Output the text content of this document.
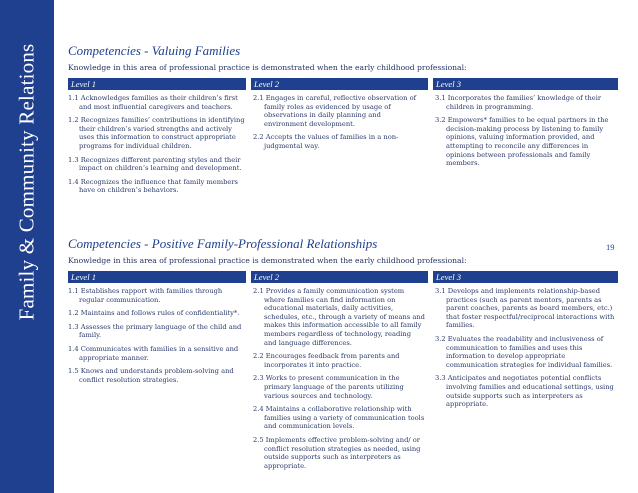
Family & Community Relations	19
Competencies - Valuing Families
Knowledge in this area of professional practice is demonstrated when the early childhood professional:
Level 1	Level 2	Level 3
1.1 Acknowledges families as their children’s first and most influential caregivers and teachers.
1.2 Recognizes families’ contributions in identifying their children’s varied strengths and actively uses this information to construct appropriate programs for individual children.
1.3 Recognizes different parenting styles and their impact on children’s learning and development.
1.4 Recognizes the influence that family members have on children’s behaviors.
2.1 Engages in careful, reflective observation of family roles as evidenced by usage of observations in daily planning and environment development.
2.2 Accepts the values of families in a non-judgmental way.
3.1 Incorporates the families’ knowledge of their children in programming.
3.2 Empowers* families to be equal partners in the decision-making process by listening to family opinions, valuing information provided, and attempting to reconcile any differences in opinions between professionals and family members.
Competencies - Positive Family-Professional Relationships
Knowledge in this area of professional practice is demonstrated when the early childhood professional:
Level 1	Level 2	Level 3
1.1 Establishes rapport with families through regular communication.
1.2 Maintains and follows rules of confidentiality*.
1.3 Assesses the primary language of the child and family.
1.4 Communicates with families in a sensitive and appropriate manner.
1.5 Knows and understands problem-solving and conflict resolution strategies.
2.1 Provides a family communication system where families can find information on educational materials, daily activities, schedules, etc., through a variety of means and makes this information accessible to all family members regardless of technology, reading and language differences.
2.2 Encourages feedback from parents and incorporates it into practice.
2.3 Works to present communication in the primary language of the parents utilizing various sources and technology.
2.4 Maintains a collaborative relationship with families using a variety of communication tools and communication levels.
2.5 Implements effective problem-solving and/ or conflict resolution strategies as needed, using outside supports such as interpreters as appropriate.
3.1 Develops and implements relationship-based practices (such as parent mentors, parents as parent coaches, parents as board members, etc.) that foster respectful/reciprocal interactions with families.
3.2 Evaluates the readability and inclusiveness of communication to families and uses this information to develop appropriate communication strategies for individual families.
3.3 Anticipates and negotiates potential conflicts involving families and educational settings, using outside supports such as interpreters as appropriate.
